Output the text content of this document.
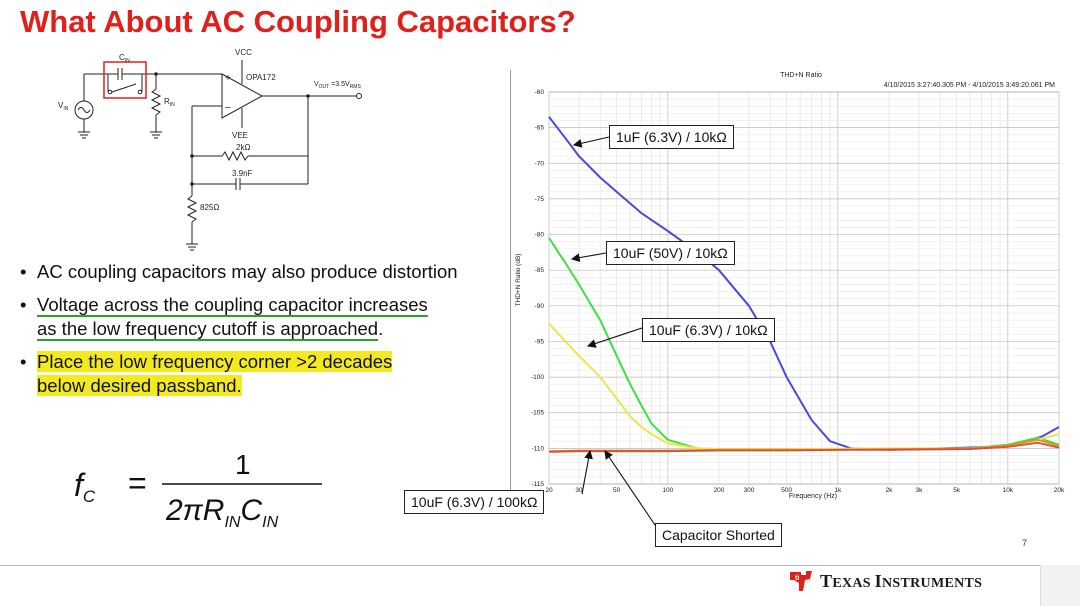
What About AC Coupling Capacitors?
VCC
OPA172
+
–
VEE
$V_{OUT} =3.5V_{RMS}$
$C_{IN}$
$R_{IN}$
$V_{IN}$
2kΩ
3.9nF
825Ω
• AC coupling capacitors may also produce distortion
• Voltage across the coupling capacitor increases
as the low frequency cutoff is approached.
• Place the low frequency corner >2 decades
below desired passband.
fC =
1
$2\pi R_{IN}C_{IN}$
THD+N Ratio
4/10/2015 3:27:40.305 PM - 4/10/2015 3:49:20.061 PM
THD+N Ratio (dB)
Frequency (Hz)
-60
-65
-70
-75
-80
-85
-90
-95
-100
-105
-110
-115
20	30	50	100	200	300	500	1k	2k	3k	5k	10k	20k
1uF (6.3V) / 10kΩ
10uF (50V) / 10kΩ
10uF (6.3V) / 10kΩ
10uF (6.3V) / 100kΩ
Capacitor Shorted	7
ti TEXAS INSTRUMENTS
